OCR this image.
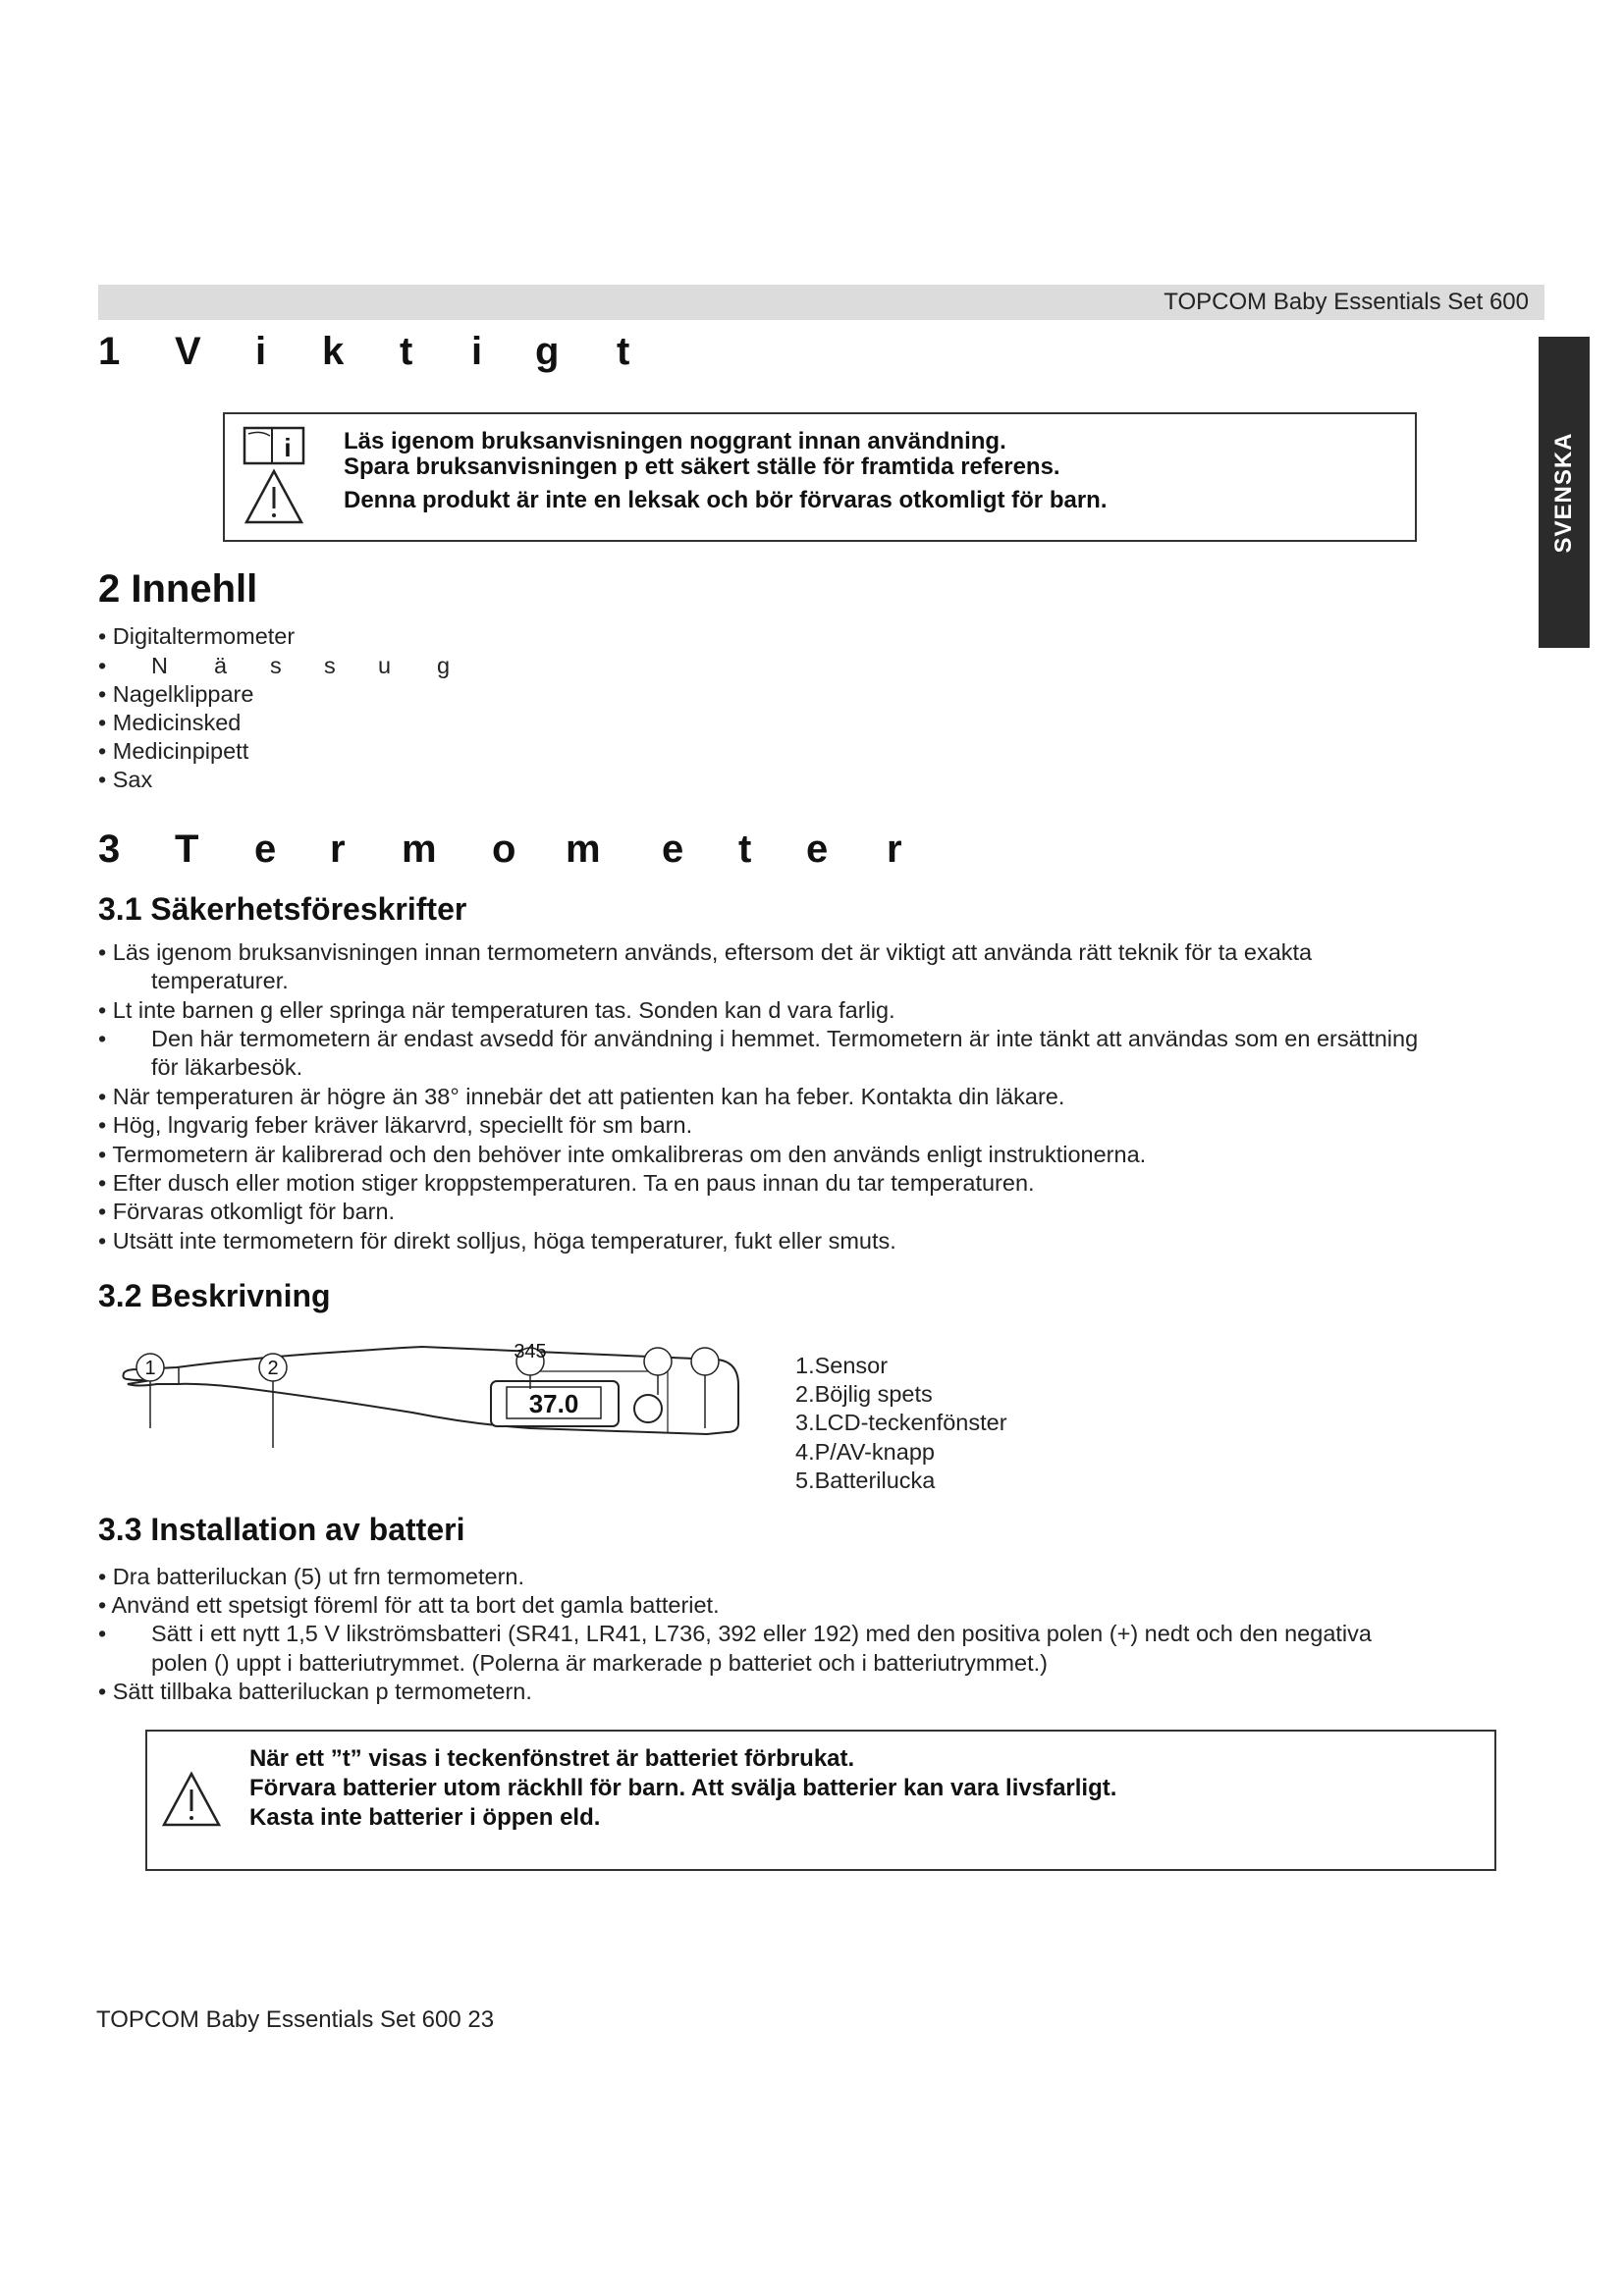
TOPCOM Baby Essentials Set 600
SVENSKA
1 V i k t i g t
i Läs igenom bruksanvisningen noggrant innan användning.
Spara bruksanvisningen p ett säkert ställe för framtida referens.
Denna produkt är inte en leksak och bör förvaras otkomligt för barn.
2 Innehll
• Digitaltermometer
• N ä s s u g
• Nagelklippare
• Medicinsked
• Medicinpipett
• Sax
3 T e r m o m e t e r
3.1 Säkerhetsföreskrifter
• Läs igenom bruksanvisningen innan termometern används, eftersom det är viktigt att använda rätt teknik för ta exakta
temperaturer.
• Lt inte barnen g eller springa när temperaturen tas. Sonden kan d vara farlig.
• Den här termometern är endast avsedd för användning i hemmet. Termometern är inte tänkt att användas som en ersättning
för läkarbesök.
• När temperaturen är högre än 38° innebär det att patienten kan ha feber. Kontakta din läkare.
• Hög, lngvarig feber kräver läkarvrd, speciellt för sm barn.
• Termometern är kalibrerad och den behöver inte omkalibreras om den används enligt instruktionerna.
• Efter dusch eller motion stiger kroppstemperaturen. Ta en paus innan du tar temperaturen.
• Förvaras otkomligt för barn.
• Utsätt inte termometern för direkt solljus, höga temperaturer, fukt eller smuts.
3.2 Beskrivning
37.0
1	2
345
1.Sensor
2.Böjlig spets
3.LCD-teckenfönster
4.P/AV-knapp
5.Batterilucka
3.3 Installation av batteri
• Dra batteriluckan (5) ut frn termometern.
• Använd ett spetsigt föreml för att ta bort det gamla batteriet.
• Sätt i ett nytt 1,5 V likströmsbatteri (SR41, LR41, L736, 392 eller 192) med den positiva polen (+) nedt och den negativa
polen () uppt i batteriutrymmet. (Polerna är markerade p batteriet och i batteriutrymmet.)
• Sätt tillbaka batteriluckan p termometern.
När ett ”t” visas i teckenfönstret är batteriet förbrukat.
Förvara batterier utom räckhll för barn. Att svälja batterier kan vara livsfarligt.
Kasta inte batterier i öppen eld.
TOPCOM Baby Essentials Set 600 23
